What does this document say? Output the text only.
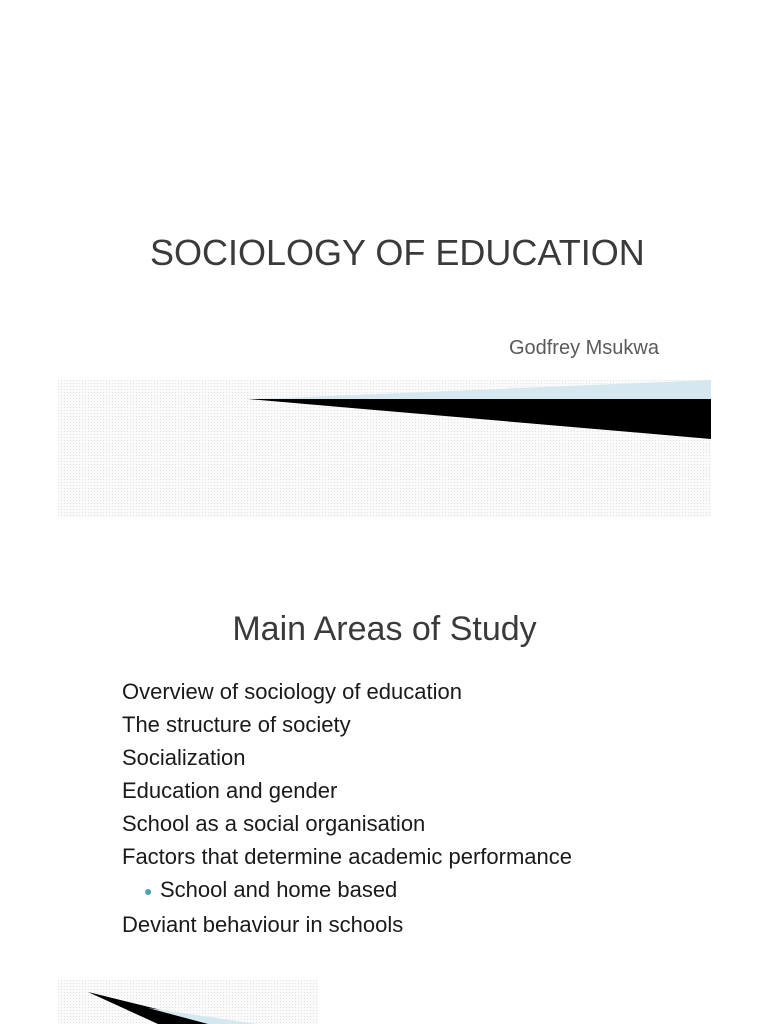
SOCIOLOGY OF EDUCATION
Godfrey Msukwa
Main Areas of Study
Overview of sociology of education
The structure of society
Socialization
Education and gender
School as a social organisation
Factors that determine academic performance
● School and home based
Deviant behaviour in schools
